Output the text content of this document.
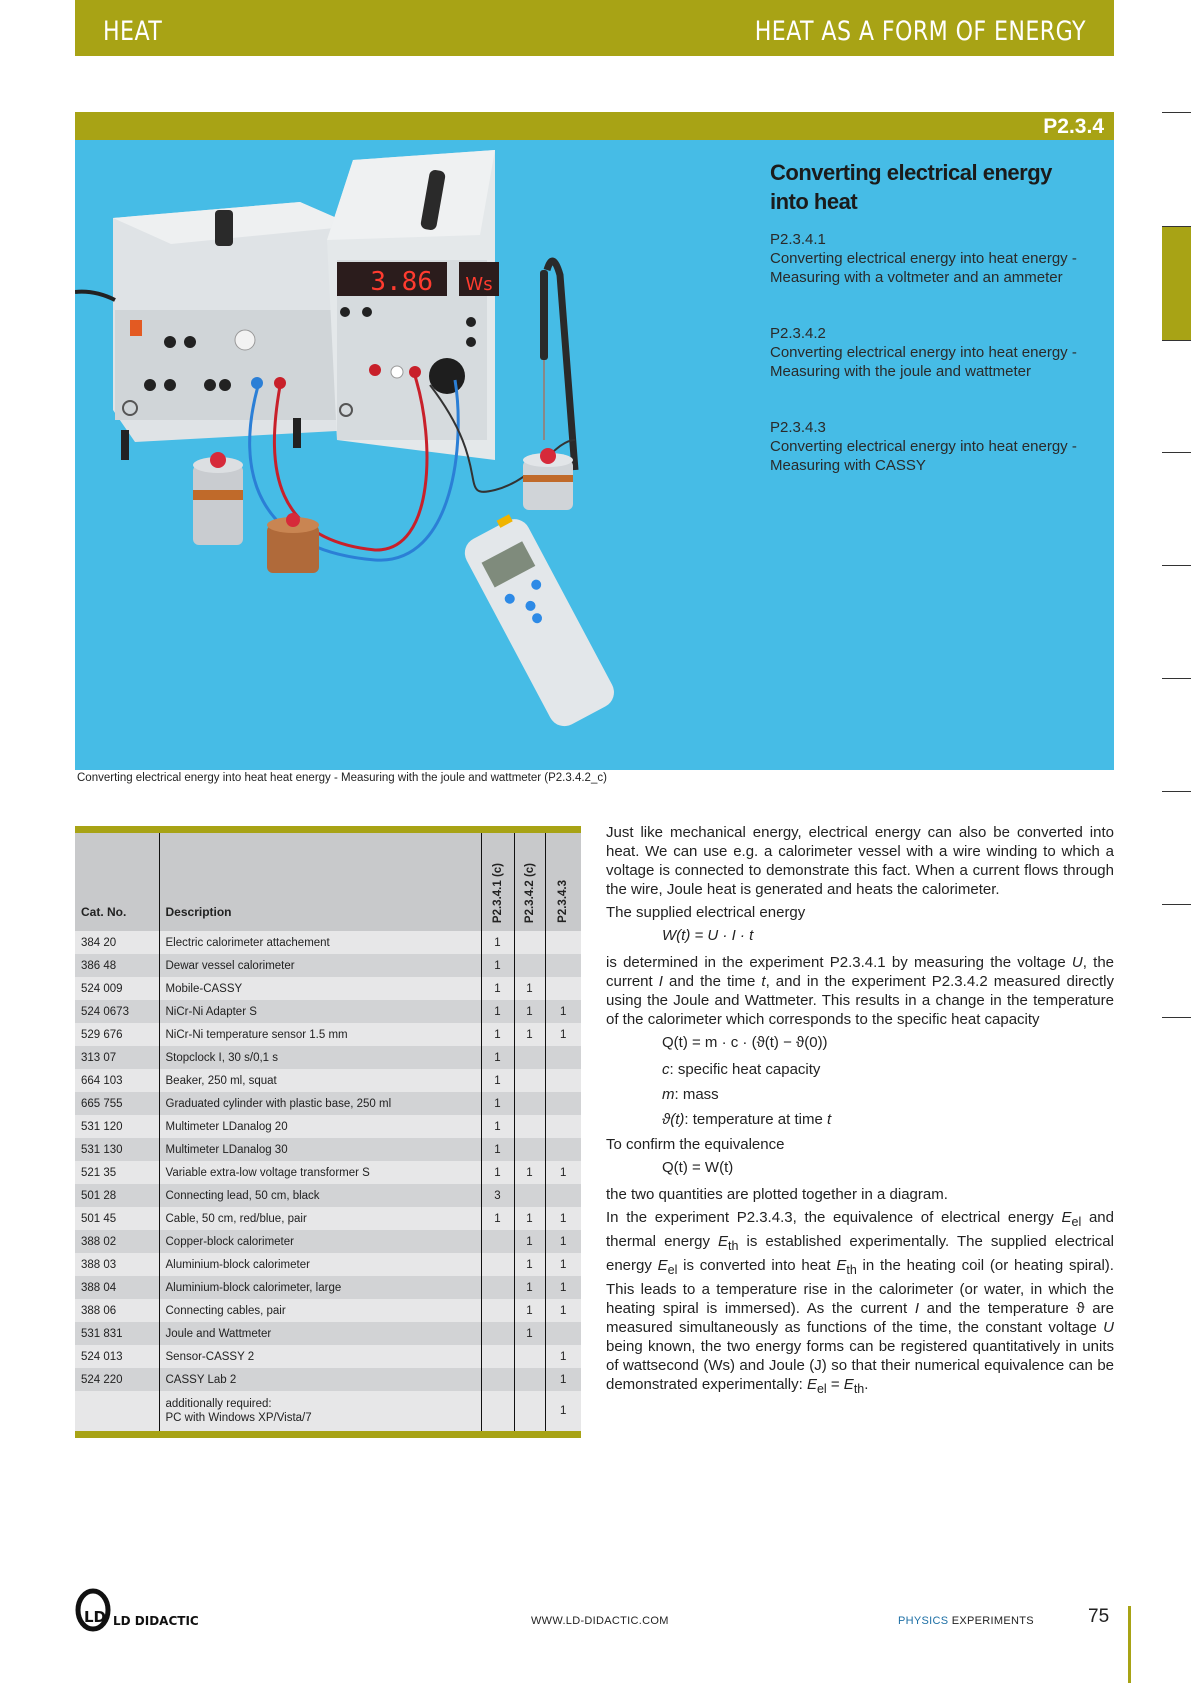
HEAT	HEAT AS A FORM OF ENERGY
P2.3.4
3.86 Ws
Converting electrical energy into heat
P2.3.4.1
Converting electrical energy into heat energy - Measuring with a voltmeter and an ammeter
P2.3.4.2
Converting electrical energy into heat energy - Measuring with the joule and wattmeter
P2.3.4.3
Converting electrical energy into heat energy - Measuring with CASSY
Converting electrical energy into heat heat energy - Measuring with the joule and wattmeter (P2.3.4.2_c)
Cat. No.	Description	P2.3.4.1 (c)	P2.3.4.2 (c)	P2.3.4.3

384 20	Electric calorimeter attachement	1		
386 48	Dewar vessel calorimeter	1		
524 009	Mobile-CASSY	1	1	
524 0673	NiCr-Ni Adapter S	1	1	1
529 676	NiCr-Ni temperature sensor 1.5 mm	1	1	1
313 07	Stopclock I, 30 s/0,1 s	1		
664 103	Beaker, 250 ml, squat	1		
665 755	Graduated cylinder with plastic base, 250 ml	1		
531 120	Multimeter LDanalog 20	1		
531 130	Multimeter LDanalog 30	1		
521 35	Variable extra-low voltage transformer S	1	1	1
501 28	Connecting lead, 50 cm, black	3		
501 45	Cable, 50 cm, red/blue, pair	1	1	1
388 02	Copper-block calorimeter		1	1
388 03	Aluminium-block calorimeter		1	1
388 04	Aluminium-block calorimeter, large		1	1
388 06	Connecting cables, pair		1	1
531 831	Joule and Wattmeter		1	
524 013	Sensor-CASSY 2			1
524 220	CASSY Lab 2			1
	additionally required:
PC with Windows XP/Vista/7			1

Just like mechanical energy, electrical energy can also be converted into heat. We can use e.g. a calorimeter vessel with a wire winding to which a voltage is connected to demonstrate this fact. When a current flows through the wire, Joule heat is generated and heats the calorimeter.

The supplied electrical energy

W(t) = U · I · t

is determined in the experiment P2.3.4.1 by measuring the voltage U, the current I and the time t, and in the experiment P2.3.4.2 measured directly using the Joule and Wattmeter. This results in a change in the temperature of the calorimeter which corresponds to the specific heat capacity

Q(t) = m · c · (ϑ(t) − ϑ(0))
c: specific heat capacity
m: mass
ϑ(t): temperature at time t

To confirm the equivalence

Q(t) = W(t)

the two quantities are plotted together in a diagram.

In the experiment P2.3.4.3, the equivalence of electrical energy $E_{el}$ and thermal energy $E_{th}$ is established experimentally. The supplied electrical energy $E_{el}$ is converted into heat $E_{th}$ in the heating coil (or heating spiral). This leads to a temperature rise in the calorimeter (or water, in which the heating spiral is immersed). As the current I and the temperature ϑ are measured simultaneously as functions of the time, the constant voltage U being known, the two energy forms can be registered quantitatively in units of wattsecond (Ws) and Joule (J) so that their numerical equivalence can be demonstrated experimentally: $E_{el} = E_{th}$.

LD LD DIDACTIC	WWW.LD-DIDACTIC.COM	PHYSICS EXPERIMENTS	75
